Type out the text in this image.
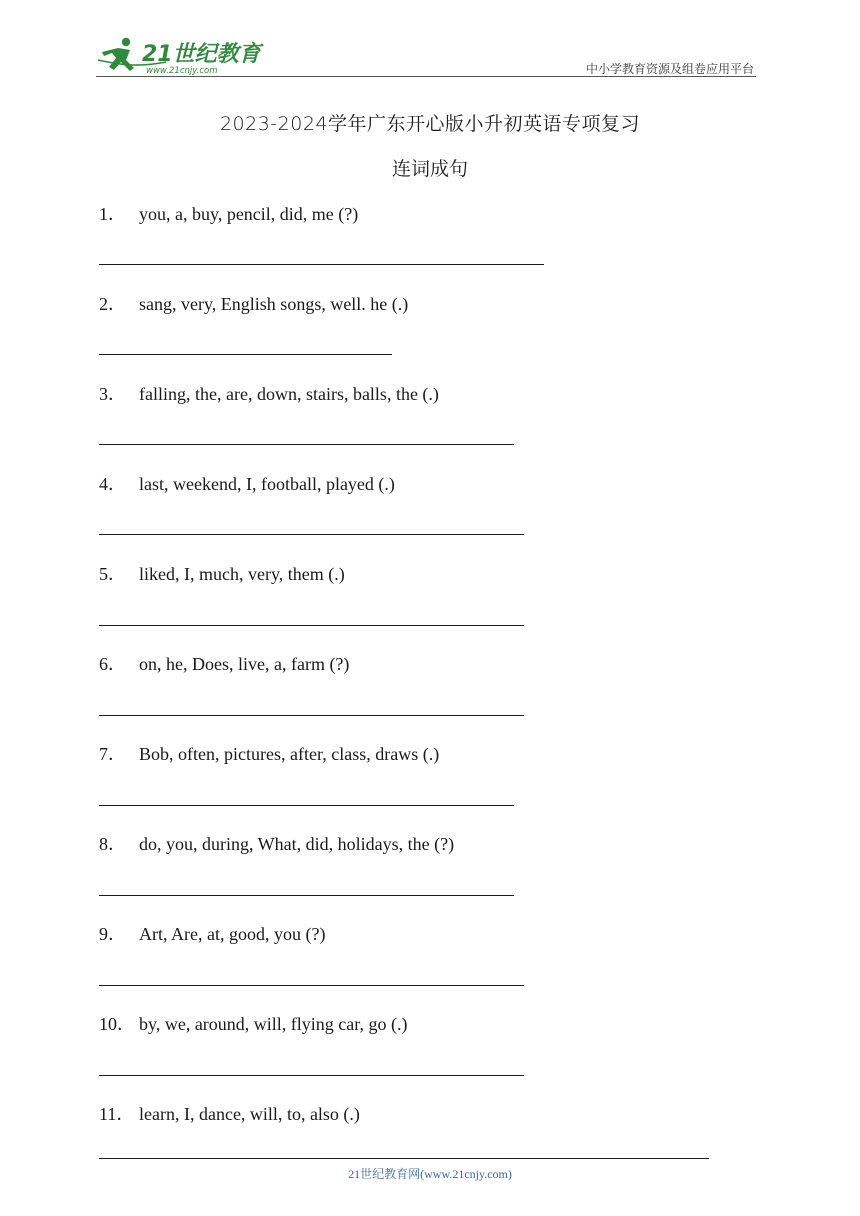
21世纪教育
www.21cnjy.com	中小学教育资源及组卷应用平台
2023-2024学年广东开心版小升初英语专项复习
连词成句
1． you, a, buy, pencil, did, me (?)
2． sang, very, English songs, well. he (.)
3． falling, the, are, down, stairs, balls, the (.)
4． last, weekend, I, football, played (.)
5． liked, I, much, very, them (.)
6． on, he, Does, live, a, farm (?)
7． Bob, often, pictures, after, class, draws (.)
8． do, you, during, What, did, holidays, the (?)
9． Art, Are, at, good, you (?)
10． by, we, around, will, flying car, go (.)
11． learn, I, dance, will, to, also (.)
21世纪教育网(www.21cnjy.com)
